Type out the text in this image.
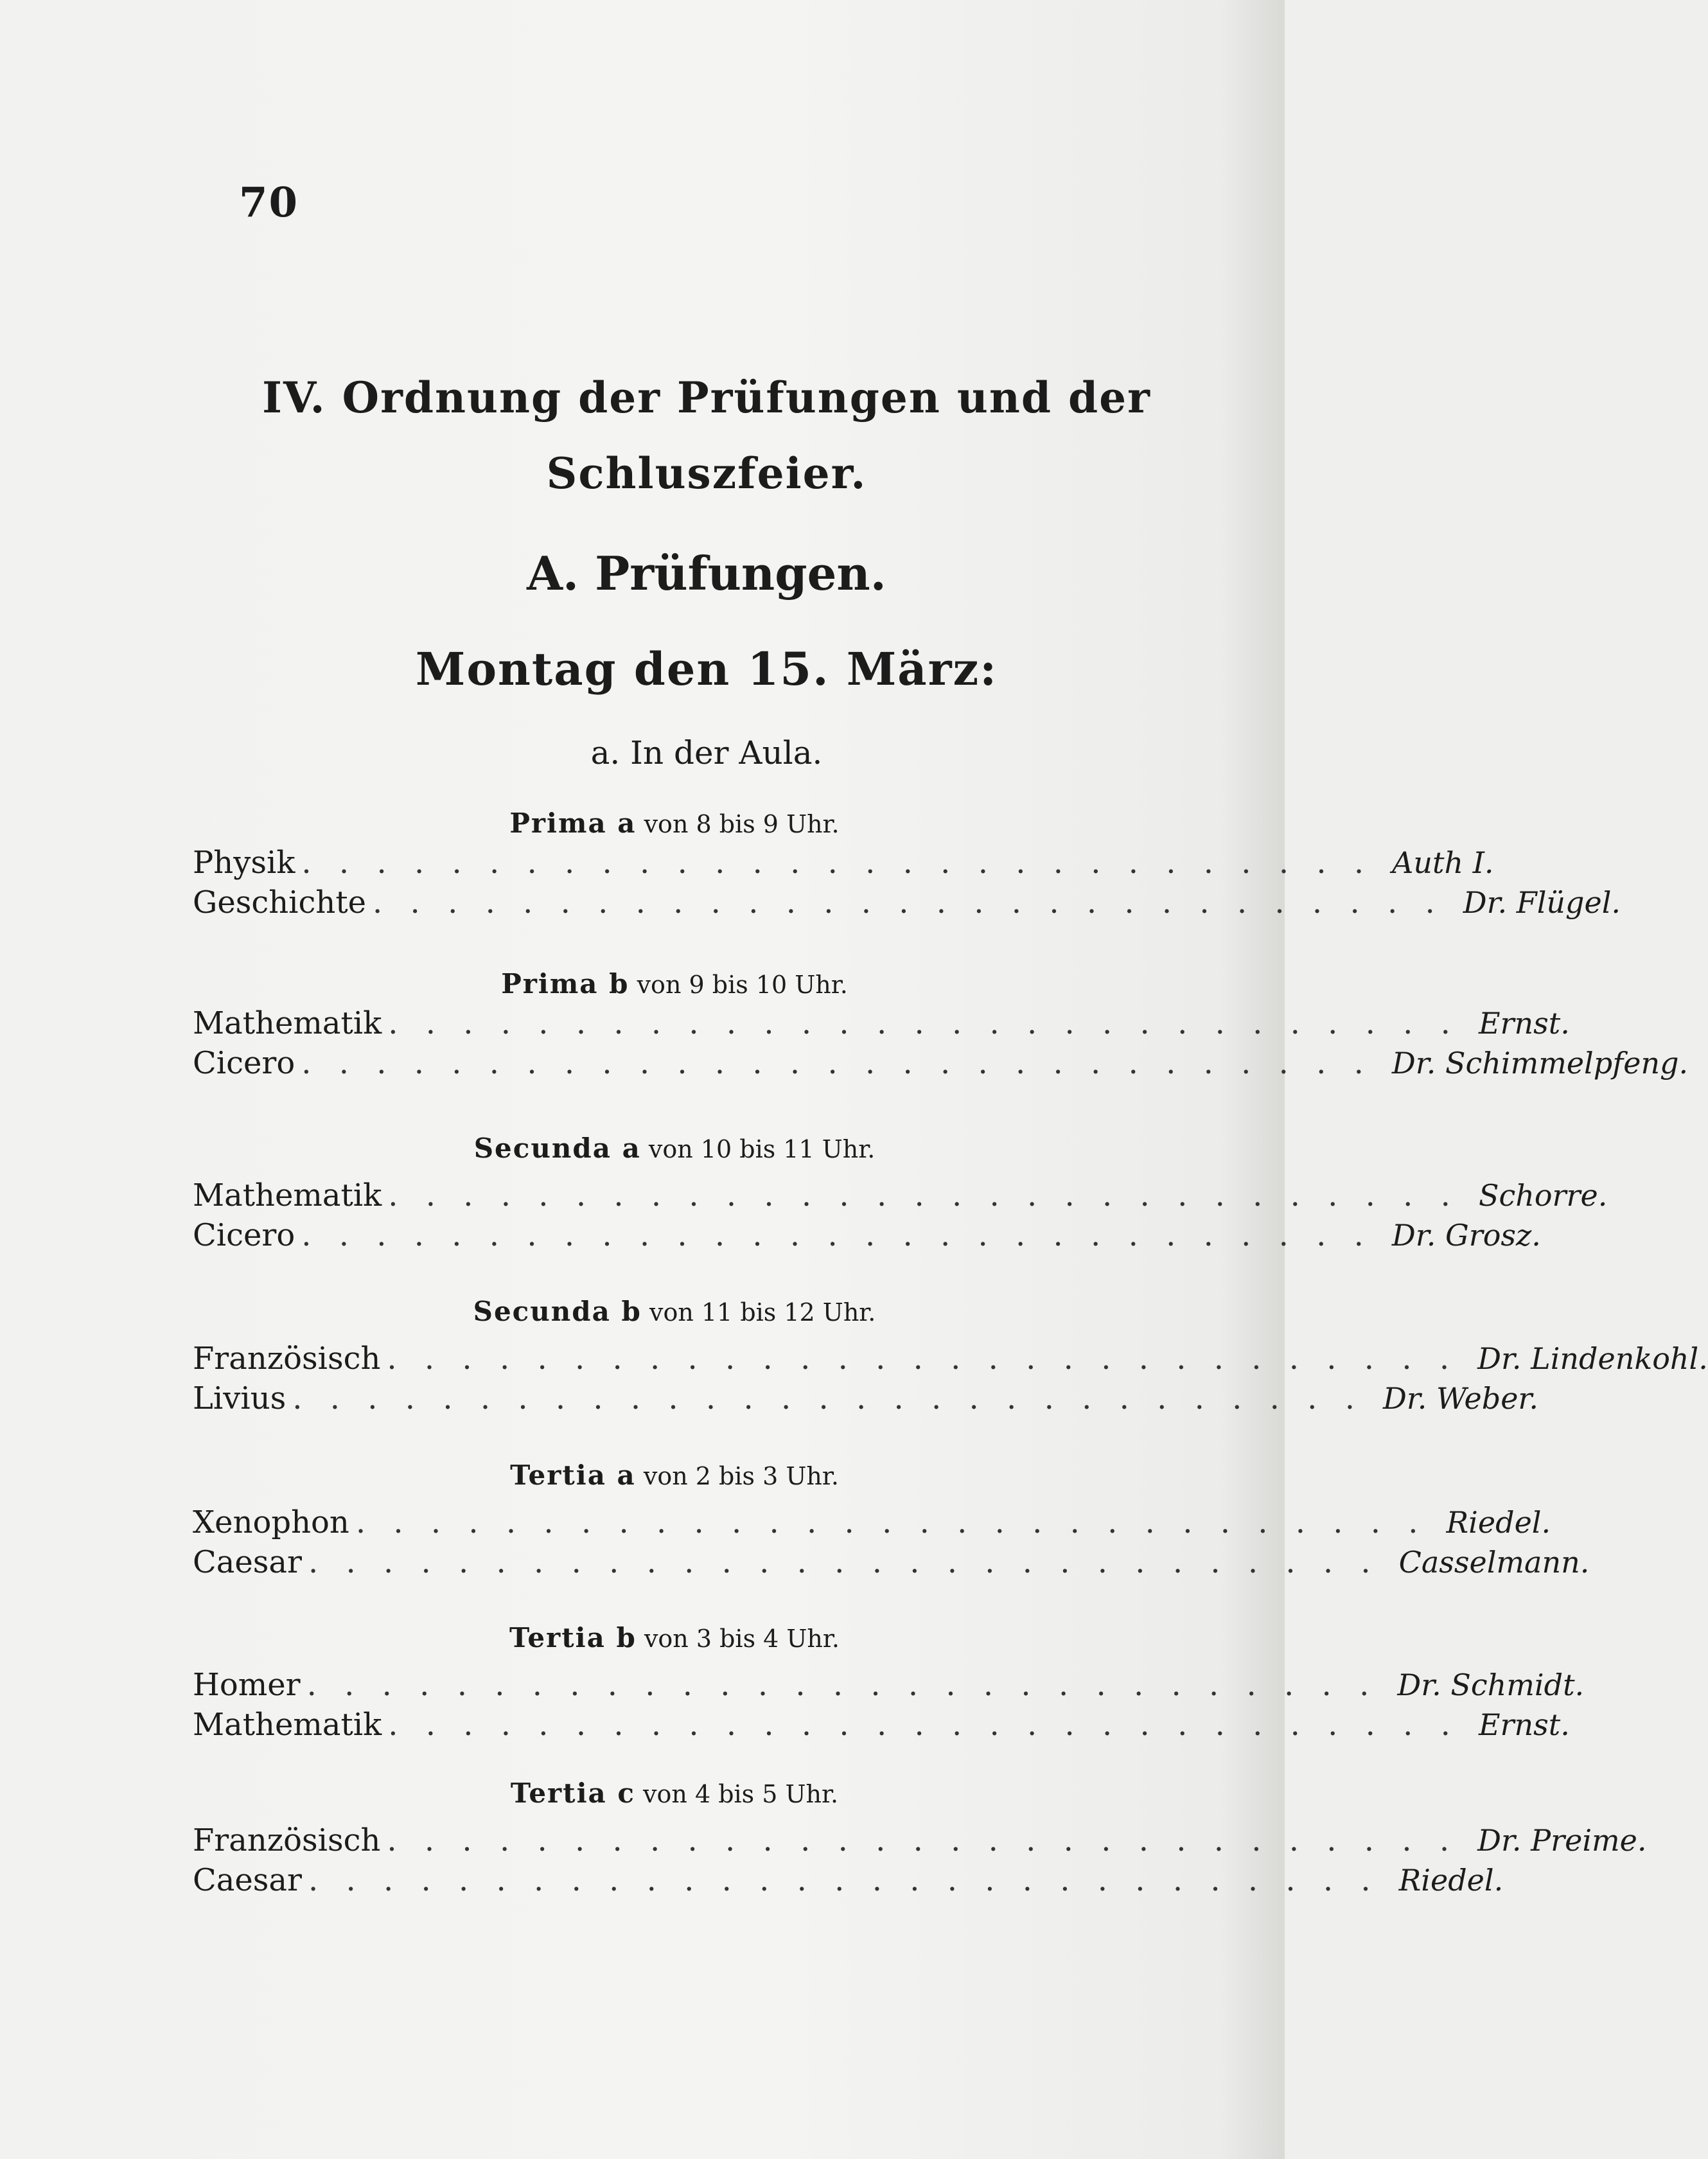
70
IV. Ordnung der Prüfungen und der
Schluszfeier.
A. Prüfungen.
Montag den 15. März:
a. In der Aula.
Prima a von 8 bis 9 Uhr.
Physik . . . . . . . . . . . . . . . . . . . . . . . . . . . . . Auth I.
Geschichte . . . . . . . . . . . . . . . . . . . . . . . . . . . . . Dr. Flügel.
Prima b von 9 bis 10 Uhr.
Mathematik . . . . . . . . . . . . . . . . . . . . . . . . . . . . . Ernst.
Cicero . . . . . . . . . . . . . . . . . . . . . . . . . . . . . Dr. Schimmelpfeng.
Secunda a von 10 bis 11 Uhr.
Mathematik . . . . . . . . . . . . . . . . . . . . . . . . . . . . . Schorre.
Cicero . . . . . . . . . . . . . . . . . . . . . . . . . . . . . Dr. Grosz.
Secunda b von 11 bis 12 Uhr.
Französisch . . . . . . . . . . . . . . . . . . . . . . . . . . . . . Dr. Lindenkohl.
Livius . . . . . . . . . . . . . . . . . . . . . . . . . . . . . Dr. Weber.
Tertia a von 2 bis 3 Uhr.
Xenophon . . . . . . . . . . . . . . . . . . . . . . . . . . . . . Riedel.
Caesar . . . . . . . . . . . . . . . . . . . . . . . . . . . . . Casselmann.
Tertia b von 3 bis 4 Uhr.
Homer . . . . . . . . . . . . . . . . . . . . . . . . . . . . . Dr. Schmidt.
Mathematik . . . . . . . . . . . . . . . . . . . . . . . . . . . . . Ernst.
Tertia c von 4 bis 5 Uhr.
Französisch . . . . . . . . . . . . . . . . . . . . . . . . . . . . . Dr. Preime.
Caesar . . . . . . . . . . . . . . . . . . . . . . . . . . . . . Riedel.
